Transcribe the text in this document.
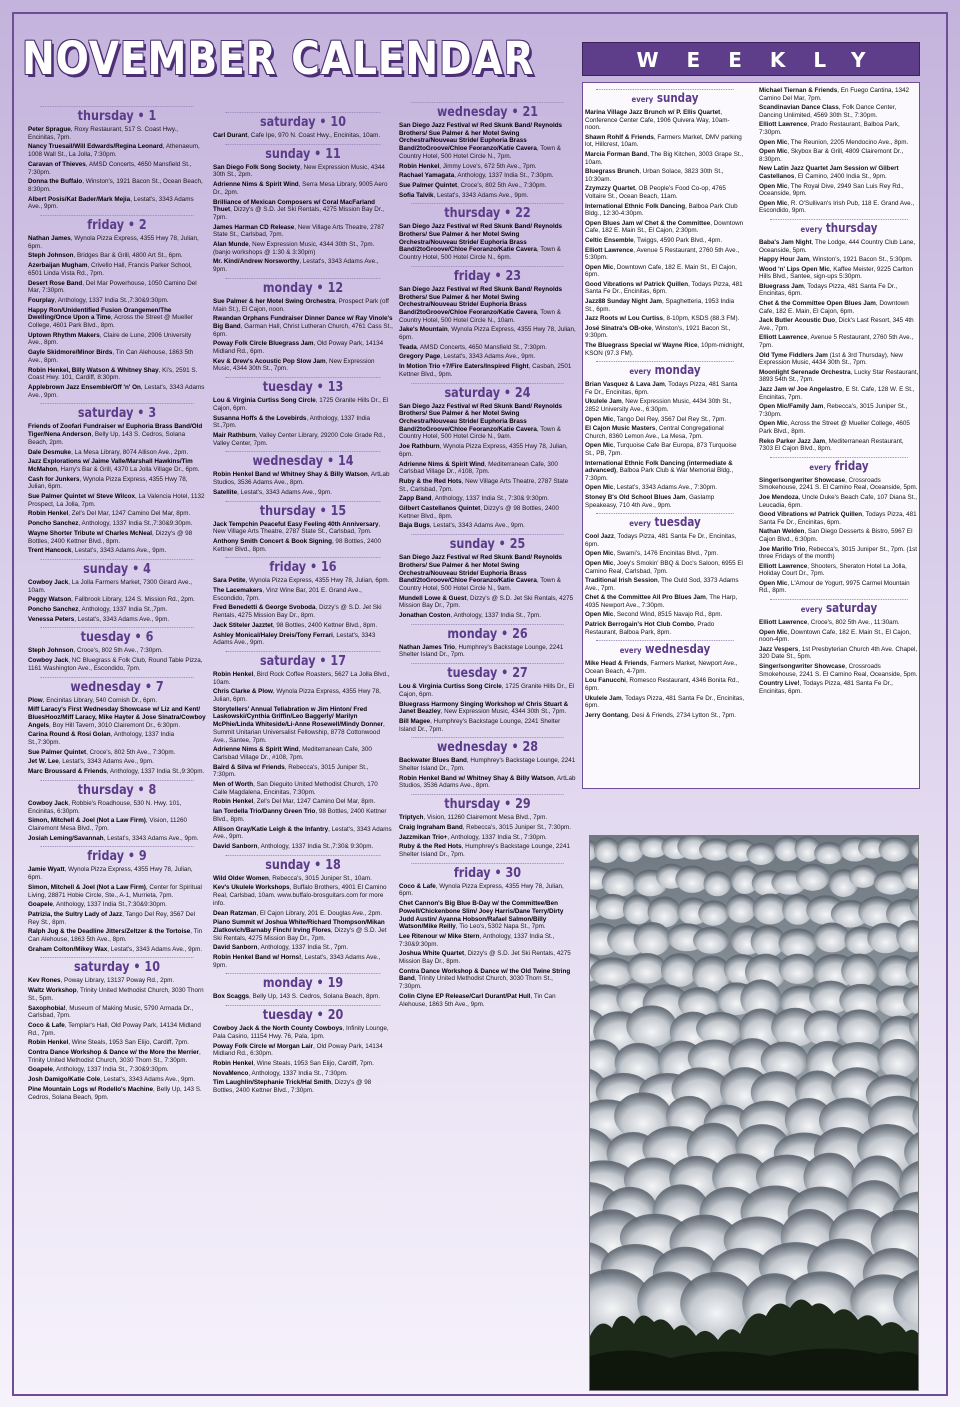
NOVEMBER CALENDAR	WEEKLY
thursday • 1
Peter Sprague, Roxy Restaurant, 517 S. Coast Hwy., Encinitas, 7pm.
Nancy Truesail/Will Edwards/Regina Leonard, Athenaeum, 1008 Wall St., La Jolla, 7:30pm.
Caravan of Thieves, AMSD Concerts, 4650 Mansfield St., 7:30pm.
Donna the Buffalo, Winston's, 1921 Bacon St., Ocean Beach, 8:30pm.
Albert Posis/Kat Bader/Mark Mejia, Lestat's, 3343 Adams Ave., 9pm.
friday • 2
Nathan James, Wynola Pizza Express, 4355 Hwy 78, Julian, 6pm.
Steph Johnson, Bridges Bar & Grill, 4800 Art St., 6pm.
Azerbaijan Mugham, Crivello Hall, Francis Parker School, 6501 Linda Vista Rd., 7pm.
Desert Rose Band, Del Mar Powerhouse, 1050 Camino Del Mar, 7:30pm.
Fourplay, Anthology, 1337 India St.,7:30&9:30pm.
Happy Ron/Unidentified Fusion Orangemen/The Dwelling/Once Upon a Time, Across the Street @ Mueller College, 4601 Park Blvd., 8pm.
Uptown Rhythm Makers, Claire de Lune, 2906 University Ave., 8pm.
Gayle Skidmore/Minor Birds, Tin Can Alehouse, 1863 5th Ave., 8pm.
Robin Henkel, Billy Watson & Whitney Shay, Ki's, 2591 S. Coast Hwy. 101, Cardiff, 8:30pm.
Applebrown Jazz Ensemble/Off 'n' On, Lestat's, 3343 Adams Ave., 9pm.
saturday • 3
Friends of Zoofari Fundraiser w/ Euphoria Brass Band/Old Tiger/Nena Anderson, Belly Up, 143 S. Cedros, Solana Beach, 2pm.
Dale Desmuke, La Mesa Library, 8074 Allison Ave., 2pm.
Jazz Explorations w/ Jaime Valle/Marshall Hawkins/Tim McMahon, Harry's Bar & Grill, 4370 La Jolla Village Dr., 6pm.
Cash for Junkers, Wynola Pizza Express, 4355 Hwy 78, Julian, 6pm.
Sue Palmer Quintet w/ Steve Wilcox, La Valencia Hotel, 1132 Prospect, La Jolla, 7pm.
Robin Henkel, Zel's Del Mar, 1247 Camino Del Mar, 8pm.
Poncho Sanchez, Anthology, 1337 India St.,7:30&9:30pm.
Wayne Shorter Tribute w/ Charles McNeal, Dizzy's @ 98 Bottles, 2400 Kettner Blvd., 8pm.
Trent Hancock, Lestat's, 3343 Adams Ave., 9pm.
sunday • 4
Cowboy Jack, La Jolla Farmers Market, 7300 Girard Ave., 10am.
Peggy Watson, Fallbrook Library, 124 S. Mission Rd., 2pm.
Poncho Sanchez, Anthology, 1337 India St.,7pm.
Venessa Peters, Lestat's, 3343 Adams Ave., 9pm.
tuesday • 6
Steph Johnson, Croce's, 802 5th Ave., 7:30pm.
Cowboy Jack, NC Bluegrass & Folk Club, Round Table Pizza, 1161 Washington Ave., Escondido, 7pm.
wednesday • 7
Plow, Encinitas Library, 540 Cornish Dr., 6pm.
Miff Laracy's First Wednesday Showcase w/ Liz and Kent/ BluesHooz/Miff Laracy, Mike Hayter & Jose Sinatra/Cowboy Angels, Boy Hill Tavern, 3010 Clairemont Dr., 6:30pm.
Carina Round & Rosi Golan, Anthology, 1337 India St.,7:30pm.
Sue Palmer Quintet, Croce's, 802 5th Ave., 7:30pm.
Jet W. Lee, Lestat's, 3343 Adams Ave., 9pm.
Marc Broussard & Friends, Anthology, 1337 India St.,9:30pm.
thursday • 8
Cowboy Jack, Robbie's Roadhouse, 530 N. Hwy. 101, Encinitas, 6:30pm.
Simon, Mitchell & Joel (Not a Law Firm), Vision, 11260 Clairemont Mesa Blvd., 7pm.
Josiah Leming/Savannah, Lestat's, 3343 Adams Ave., 9pm.
friday • 9
Jamie Wyatt, Wynola Pizza Express, 4355 Hwy 78, Julian, 6pm.
Simon, Mitchell & Joel (Not a Law Firm), Center for Spiritual Living, 28871 Hobie Circle, Ste., A-1, Murrieta, 7pm.
Goapele, Anthology, 1337 India St.,7:30&9:30pm.
Patrizia, the Sultry Lady of Jazz, Tango Del Rey, 3567 Del Rey St., 8pm.
Ralph Jug & the Deadline Jitters/Zeltzer & the Tortoise, Tin Can Alehouse, 1863 5th Ave., 8pm.
Graham Colton/Mikey Wax, Lestat's, 3343 Adams Ave., 9pm.
saturday • 10
Kev Rones, Poway Library, 13137 Poway Rd., 2pm.
Waltz Workshop, Trinity United Methodist Church, 3030 Thorn St., 5pm.
Saxophobia!, Museum of Making Music, 5790 Armada Dr., Carlsbad, 7pm.
Coco & Lafe, Templar's Hall, Old Poway Park, 14134 Midland Rd., 7pm.
Robin Henkel, Wine Steals, 1953 San Elijo, Cardiff, 7pm.
Contra Dance Workshop & Dance w/ the More the Merrier, Trinity United Methodist Church, 3030 Thorn St., 7:30pm.
Goapele, Anthology, 1337 India St., 7:30&9:30pm.
Josh Damigo/Katie Cole, Lestat's, 3343 Adams Ave., 9pm.
Pine Mountain Logs w/ Rodello's Machine, Belly Up, 143 S. Cedros, Solana Beach, 9pm.
saturday • 10
Carl Durant, Cafe Ipe, 970 N. Coast Hwy., Encinitas, 10am.
sunday • 11
San Diego Folk Song Society, New Expression Music, 4344 30th St., 2pm.
Adrienne Nims & Spirit Wind, Serra Mesa Library, 9005 Aero Dr., 2pm.
Brilliance of Mexican Composers w/ Coral MacFarland Thuet, Dizzy's @ S.D. Jet Ski Rentals, 4275 Mission Bay Dr., 7pm.
James Harman CD Release, New Village Arts Theatre, 2787 State St., Carlsbad, 7pm.
Alan Munde, New Expression Music, 4344 30th St., 7pm. (banjo workshops @ 1:30 & 3:30pm)
Mr. Kind/Andrew Norsworthy, Lestat's, 3343 Adams Ave., 9pm.
monday • 12
Sue Palmer & her Motel Swing Orchestra, Prospect Park (off Main St.), El Cajon, noon.
Rwandan Orphans Fundraiser Dinner Dance w/ Ray Vinole's Big Band, Garman Hall, Christ Lutheran Church, 4761 Cass St., 6pm.
Poway Folk Circle Bluegrass Jam, Old Poway Park, 14134 Midland Rd., 6pm.
Kev & Drew's Acoustic Pop Slow Jam, New Expression Music, 4344 30th St., 7pm.
tuesday • 13
Lou & Virginia Curtiss Song Circle, 1725 Granite Hills Dr., El Cajon, 6pm.
Susanna Hoffs & the Lovebirds, Anthology, 1337 India St.,7pm.
Mair Rathburn, Valley Center Library, 29200 Cole Grade Rd., Valley Center, 7pm.
wednesday • 14
Robin Henkel Band w/ Whitney Shay & Billy Watson, ArtLab Studios, 3536 Adams Ave., 8pm.
Satellite, Lestat's, 3343 Adams Ave., 9pm.
thursday • 15
Jack Tempchin Peaceful Easy Feeling 40th Anniversary, New Village Arts Theatre, 2787 State St., Carlsbad, 7pm.
Anthony Smith Concert & Book Signing, 98 Bottles, 2400 Kettner Blvd., 8pm.
friday • 16
Sara Petite, Wynola Pizza Express, 4355 Hwy 78, Julian, 6pm.
The Lacemakers, Vinz Wine Bar, 201 E. Grand Ave., Escondido, 7pm.
Fred Benedetti & George Svoboda, Dizzy's @ S.D. Jet Ski Rentals, 4275 Mission Bay Dr., 8pm.
Jack Stiteler Jazztet, 98 Bottles, 2400 Kettner Blvd., 8pm.
Ashley Monical/Haley Dreis/Tony Ferrari, Lestat's, 3343 Adams Ave., 9pm.
saturday • 17
Robin Henkel, Bird Rock Coffee Roasters, 5627 La Jolla Blvd., 10am.
Chris Clarke & Plow, Wynola Pizza Express, 4355 Hwy 78, Julian, 6pm.
Storytellers' Annual Tellabration w Jim Hinton/ Fred Laskowski/Cynthia Griffin/Leo Baggerly/ Marilyn McPhie/Linda Whiteside/Li-Anne Rosewell/Mindy Donner, Summit Unitarian Universalist Fellowship, 8778 Cottonwood Ave., Santee, 7pm.
Adrienne Nims & Spirit Wind, Mediterranean Cafe, 300 Carlsbad Village Dr., #108, 7pm.
Baird & Silva w/ Friends, Rebecca's, 3015 Juniper St., 7:30pm.
Men of Worth, San Dieguito United Methodist Church, 170 Calle Magdalena, Encinitas, 7:30pm.
Robin Henkel, Zel's Del Mar, 1247 Camino Del Mar, 8pm.
Ian Tordella Trio/Danny Green Trio, 98 Bottles, 2400 Kettner Blvd., 8pm.
Allison Gray/Katie Leigh & the Infantry, Lestat's, 3343 Adams Ave., 9pm.
David Sanborn, Anthology, 1337 India St.,7:30& 9:30pm.
sunday • 18
Wild Older Women, Rebecca's, 3015 Juniper St., 10am.
Kev's Ukulele Workshops, Buffalo Brothers, 4901 El Camino Real, Carlsbad, 10am. www.buffalo-brosguitars.com for more info.
Dean Ratzman, El Cajon Library, 201 E. Douglas Ave., 2pm.
Piano Summit w/ Joshua White/Richard Thompson/Mikan Zlatkovich/Barnaby Finch/ Irving Flores, Dizzy's @ S.D. Jet Ski Rentals, 4275 Mission Bay Dr., 7pm.
David Sanborn, Anthology, 1337 India St., 7pm.
Robin Henkel Band w/ Horns!, Lestat's, 3343 Adams Ave., 9pm.
monday • 19
Box Scaggs, Belly Up, 143 S. Cedros, Solana Beach, 8pm.
tuesday • 20
Cowboy Jack & the North County Cowboys, Infinity Lounge, Pala Casino, 11154 Hwy. 76, Pala, 1pm.
Poway Folk Circle w/ Morgan Lair, Old Poway Park, 14134 Midland Rd., 6:30pm.
Robin Henkel, Wine Steals, 1953 San Elijo, Cardiff, 7pm.
NovaMenco, Anthology, 1337 India St., 7:30pm.
Tim Laughlin/Stephanie Trick/Hal Smith, Dizzy's @ 98 Bottles, 2400 Kettner Blvd., 7:30pm.
wednesday • 21
San Diego Jazz Festival w/ Red Skunk Band/ Reynolds Brothers/ Sue Palmer & her Motel Swing Orchestra/Nouveau Stride/ Euphoria Brass Band/2toGroove/Chloe Feoranzo/Katie Cavera, Town & Country Hotel, 500 Hotel Circle N., 7pm.
Robin Henkel, Jimmy Love's, 672 5th Ave., 7pm.
Rachael Yamagata, Anthology, 1337 India St., 7:30pm.
Sue Palmer Quintet, Croce's, 802 5th Ave., 7:30pm.
Sofia Talvik, Lestat's, 3343 Adams Ave., 9pm.
thursday • 22
San Diego Jazz Festival w/ Red Skunk Band/ Reynolds Brothers/ Sue Palmer & her Motel Swing Orchestra/Nouveau Stride/ Euphoria Brass Band/2toGroove/Chloe Feoranzo/Katie Cavera, Town & Country Hotel, 500 Hotel Circle N., 6pm.
friday • 23
San Diego Jazz Festival w/ Red Skunk Band/ Reynolds Brothers/ Sue Palmer & her Motel Swing Orchestra/Nouveau Stride/ Euphoria Brass Band/2toGroove/Chloe Feoranzo/Katie Cavera, Town & Country Hotel, 500 Hotel Circle N., 10am.
Jake's Mountain, Wynola Pizza Express, 4355 Hwy 78, Julian, 6pm.
Teada, AMSD Concerts, 4650 Mansfield St., 7:30pm.
Gregory Page, Lestat's, 3343 Adams Ave., 9pm.
In Motion Trio +7/Fire Eaters/Inspired Flight, Casbah, 2501 Kettner Blvd., 9pm.
saturday • 24
San Diego Jazz Festival w/ Red Skunk Band/ Reynolds Brothers/ Sue Palmer & her Motel Swing Orchestra/Nouveau Stride/ Euphoria Brass Band/2toGroove/Chloe Feoranzo/Katie Cavera, Town & Country Hotel, 500 Hotel Circle N., 9am.
Joe Rathburn, Wynola Pizza Express, 4355 Hwy 78, Julian, 6pm.
Adrienne Nims & Spirit Wind, Mediterranean Cafe, 300 Carlsbad Village Dr., #108, 7pm.
Ruby & the Red Hots, New Village Arts Theatre, 2787 State St., Carlsbad, 7pm.
Zapp Band, Anthology, 1337 India St., 7:30& 9:30pm.
Gilbert Castellanos Quintet, Dizzy's @ 98 Bottles, 2400 Kettner Blvd., 8pm.
Baja Bugs, Lestat's, 3343 Adams Ave., 9pm.
sunday • 25
San Diego Jazz Festival w/ Red Skunk Band/ Reynolds Brothers/ Sue Palmer & her Motel Swing Orchestra/Nouveau Stride/ Euphoria Brass Band/2toGroove/Chloe Feoranzo/Katie Cavera, Town & Country Hotel, 500 Hotel Circle N., 9am.
Mundell Lowe & Guest, Dizzy's @ S.D. Jet Ski Rentals, 4275 Mission Bay Dr., 7pm.
Jonathan Coston, Anthology, 1337 India St., 7pm.
monday • 26
Nathan James Trio, Humphrey's Backstage Lounge, 2241 Shelter Island Dr., 7pm.
tuesday • 27
Lou & Virginia Curtiss Song Circle, 1725 Granite Hills Dr., El Cajon, 6pm.
Bluegrass Harmony Singing Workshop w/ Chris Stuart & Janet Beazley, New Expression Music, 4344 30th St., 7pm.
Bill Magee, Humphrey's Backstage Lounge, 2241 Shelter Island Dr., 7pm.
wednesday • 28
Backwater Blues Band, Humphrey's Backstage Lounge, 2241 Shelter Island Dr., 7pm.
Robin Henkel Band w/ Whitney Shay & Billy Watson, ArtLab Studios, 3536 Adams Ave., 8pm.
thursday • 29
Triptych, Vision, 11260 Clairemont Mesa Blvd., 7pm.
Craig Ingraham Band, Rebecca's, 3015 Juniper St., 7:30pm.
Jazzmikan Trio+, Anthology, 1337 India St., 7:30pm.
Ruby & the Red Hots, Humphrey's Backstage Lounge, 2241 Shelter Island Dr., 7pm.
friday • 30
Coco & Lafe, Wynola Pizza Express, 4355 Hwy 78, Julian, 6pm.
Chet Cannon's Big Blue B-Day w/ the Committee/Ben Powell/Chickenbone Slim/ Joey Harris/Dane Terry/Dirty Judd Austin/ Ayanna Hobson/Rafael Salmon/Billy Watson/Mike Reilly, Tio Leo's, 5302 Napa St., 7pm.
Lee Ritenour w/ Mike Stern, Anthology, 1337 India St., 7:30&9:30pm.
Joshua White Quartet, Dizzy's @ S.D. Jet Ski Rentals, 4275 Mission Bay Dr., 8pm.
Contra Dance Workshop & Dance w/ the Old Twine String Band, Trinity United Methodist Church, 3030 Thorn St., 7:30pm.
Colin Clyne EP Release/Carl Durant/Pat Hull, Tin Can Alehouse, 1863 5th Ave., 9pm.
every sunday
Marina Village Jazz Brunch w/ P. Ellis Quartet, Conference Center Cafe, 1906 Quivera Way, 10am-noon.
Shawn Rohlf & Friends, Farmers Market, DMV parking lot, Hillcrest, 10am.
Marcia Forman Band, The Big Kitchen, 3003 Grape St., 10am.
Bluegrass Brunch, Urban Solace, 3823 30th St., 10:30am.
Zzymzzy Quartet, OB People's Food Co-op, 4765 Voltaire St., Ocean Beach, 11am.
International Ethnic Folk Dancing, Balboa Park Club Bldg., 12:30-4:30pm.
Open Blues Jam w/ Chet & the Committee, Downtown Cafe, 182 E. Main St., El Cajon, 2:30pm.
Celtic Ensemble, Twiggs, 4590 Park Blvd., 4pm.
Elliott Lawrence, Avenue 5 Restaurant, 2760 5th Ave., 5:30pm.
Open Mic, Downtown Cafe, 182 E. Main St., El Cajon, 6pm.
Good Vibrations w/ Patrick Quillen, Todays Pizza, 481 Santa Fe Dr., Encinitas, 6pm.
Jazz88 Sunday Night Jam, Spaghetteria, 1953 India St., 6pm.
Jazz Roots w/ Lou Curtiss, 8-10pm, KSDS (88.3 FM).
José Sinatra's OB-oke, Winston's, 1921 Bacon St., 9:30pm.
The Bluegrass Special w/ Wayne Rice, 10pm-midnight, KSON (97.3 FM).
every monday
Brian Vasquez & Lava Jam, Todays Pizza, 481 Santa Fe Dr., Encinitas, 6pm.
Ukulele Jam, New Expression Music, 4434 30th St., 2852 University Ave., 6:30pm.
Open Mic, Tango Del Rey, 3567 Del Rey St., 7pm.
El Cajon Music Masters, Central Congregational Church, 8360 Lemon Ave., La Mesa, 7pm.
Open Mic, Turquoise Cafe Bar Europa, 873 Turquoise St., PB, 7pm.
International Ethnic Folk Dancing (intermediate & advanced), Balboa Park Club & War Memorial Bldg., 7:30pm.
Open Mic, Lestat's, 3343 Adams Ave., 7:30pm.
Stoney B's Old School Blues Jam, Gaslamp Speakeasy, 710 4th Ave., 9pm.
every tuesday
Cool Jazz, Todays Pizza, 481 Santa Fe Dr., Encinitas, 6pm.
Open Mic, Swami's, 1476 Encinitas Blvd., 7pm.
Open Mic, Joey's Smokin' BBQ & Doc's Saloon, 6955 El Camino Real, Carlsbad, 7pm.
Traditional Irish Session, The Ould Sod, 3373 Adams Ave., 7pm.
Chet & the Committee All Pro Blues Jam, The Harp, 4935 Newport Ave., 7:30pm.
Open Mic, Second Wind, 8515 Navajo Rd., 8pm.
Patrick Berrogain's Hot Club Combo, Prado Restaurant, Balboa Park, 8pm.
every wednesday
Mike Head & Friends, Farmers Market, Newport Ave., Ocean Beach, 4-7pm.
Lou Fanucchi, Romesco Restaurant, 4346 Bonita Rd., 6pm.
Ukulele Jam, Todays Pizza, 481 Santa Fe Dr., Encinitas, 6pm.
Jerry Gontang, Desi & Friends, 2734 Lytton St., 7pm.
Michael Tiernan & Friends, En Fuego Cantina, 1342 Camino Del Mar, 7pm.
Scandinavian Dance Class, Folk Dance Center, Dancing Unlimited, 4569 30th St., 7:30pm.
Elliott Lawrence, Prado Restaurant, Balboa Park, 7:30pm.
Open Mic, The Reunion, 2205 Mendocino Ave., 8pm.
Open Mic, Skybox Bar & Grill, 4809 Clairemont Dr., 8:30pm.
New Latin Jazz Quartet Jam Session w/ Gilbert Castellanos, El Camino, 2400 India St., 9pm.
Open Mic, The Royal Dive, 2949 San Luis Rey Rd., Oceanside, 9pm.
Open Mic, R. O'Sullivan's Irish Pub, 118 E. Grand Ave., Escondido, 9pm.
every thursday
Baba's Jam Night, The Lodge, 444 Country Club Lane, Oceanside, 5pm.
Happy Hour Jam, Winston's, 1921 Bacon St., 5:30pm.
Wood 'n' Lips Open Mic, Kaffee Meister, 9225 Carlton Hills Blvd., Santee, sign-ups 5:30pm.
Bluegrass Jam, Todays Pizza, 481 Santa Fe Dr., Encinitas, 6pm.
Chet & the Committee Open Blues Jam, Downtown Cafe, 182 E. Main, El Cajon, 6pm.
Jack Butler Acoustic Duo, Dick's Last Resort, 345 4th Ave., 7pm.
Elliott Lawrence, Avenue 5 Restaurant, 2760 5th Ave., 7pm.
Old Tyme Fiddlers Jam (1st & 3rd Thursday), New Expression Music, 4434 30th St., 7pm.
Moonlight Serenade Orchestra, Lucky Star Restaurant, 3893 54th St., 7pm.
Jazz Jam w/ Joe Angelastro, E St. Cafe, 128 W. E St., Encinitas, 7pm.
Open Mic/Family Jam, Rebecca's, 3015 Juniper St., 7:30pm.
Open Mic, Across the Street @ Mueller College, 4605 Park Blvd., 8pm.
Reko Parker Jazz Jam, Mediterranean Restaurant, 7303 El Cajon Blvd., 8pm.
every friday
Singer/songwriter Showcase, Crossroads Smokehouse, 2241 S. El Camino Real, Oceanside, 5pm.
Joe Mendoza, Uncle Duke's Beach Cafe, 107 Diana St., Leucadia, 6pm.
Good Vibrations w/ Patrick Quillen, Todays Pizza, 481 Santa Fe Dr., Encinitas, 6pm.
Nathan Welden, San Diego Desserts & Bistro, 5967 El Cajon Blvd., 6:30pm.
Joe Marillo Trio, Rebecca's, 3015 Juniper St., 7pm. (1st three Fridays of the month)
Elliott Lawrence, Shooters, Sheraton Hotel La Jolla, Holiday Court Dr., 7pm.
Open Mic, L'Amour de Yogurt, 9975 Carmel Mountain Rd., 8pm.
every saturday
Elliott Lawrence, Croce's, 802 5th Ave., 11:30am.
Open Mic, Downtown Cafe, 182 E. Main St., El Cajon, noon-4pm.
Jazz Vespers, 1st Presbyterian Church 4th Ave. Chapel, 320 Date St., 5pm.
Singer/songwriter Showcase, Crossroads Smokehouse, 2241 S. El Camino Real, Oceanside, 5pm.
Country Live!, Todays Pizza, 481 Santa Fe Dr., Encinitas, 6pm.
